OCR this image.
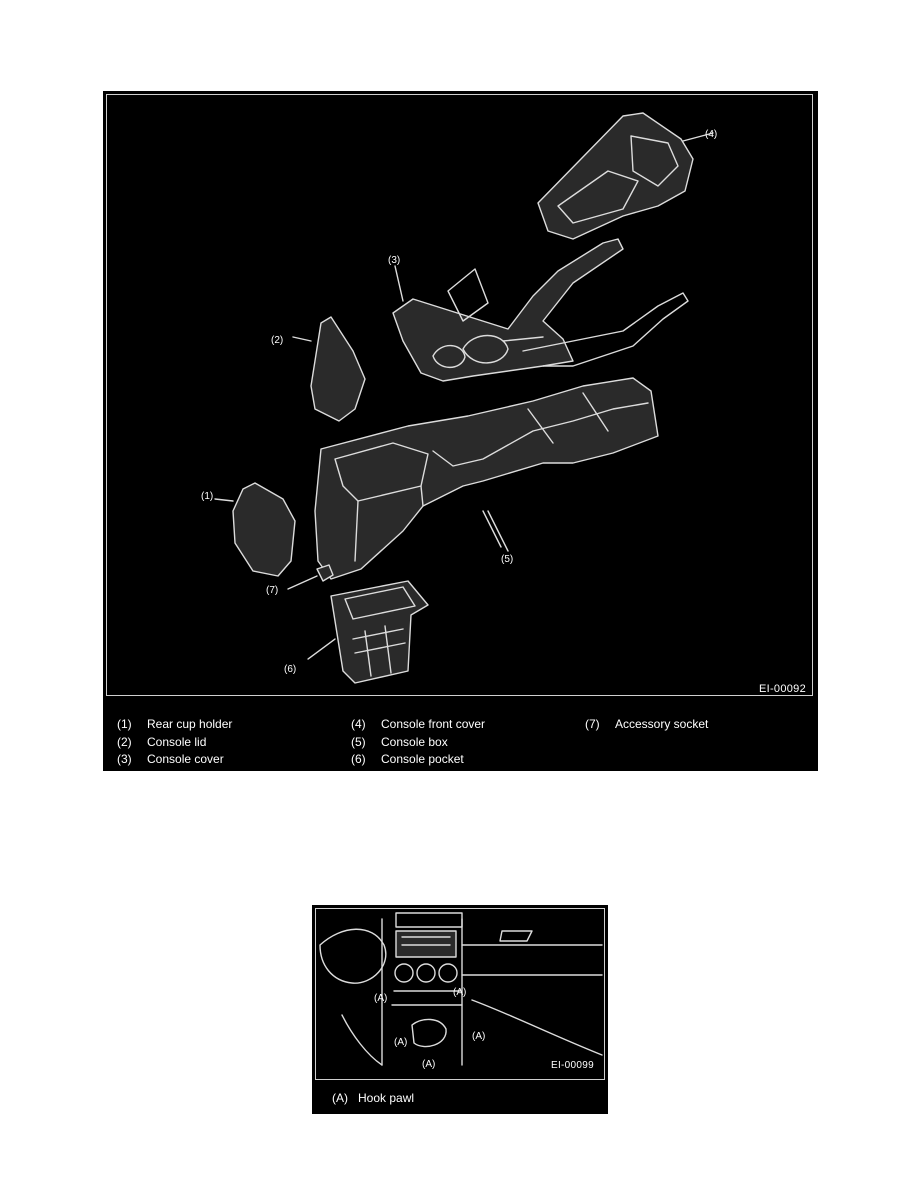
(4)
(3)
(2)
(1)
(5)
(7)
(6)
EI-00092
(1) Rear cup holder
(2) Console lid
(3) Console cover
(4) Console front cover
(5) Console box
(6) Console pocket
(7) Accessory socket
(A)
(A)
(A)
(A)
(A)	EI-00099
(A) Hook pawl
